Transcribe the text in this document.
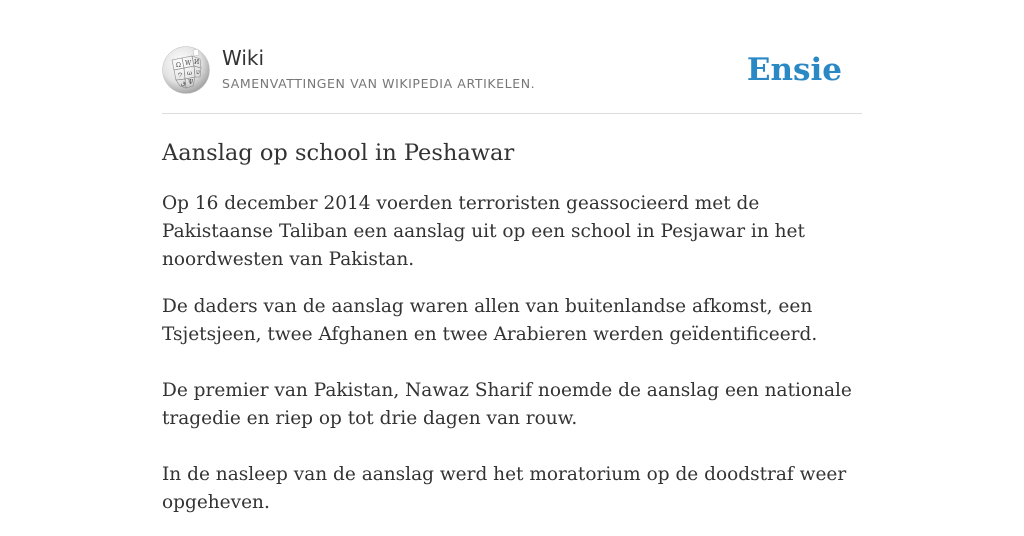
Ω W И
ウ ω ש
ق Ψ
Wiki
SAMENVATTINGEN VAN WIKIPEDIA ARTIKELEN.	Ensie
Aanslag op school in Peshawar

Op 16 december 2014 voerden terroristen geassocieerd met de Pakistaanse Taliban een aanslag uit op een school in Pesjawar in het noordwesten van Pakistan.

De daders van de aanslag waren allen van buitenlandse afkomst, een Tsjetsjeen, twee Afghanen en twee Arabieren werden geïdentificeerd.

De premier van Pakistan, Nawaz Sharif noemde de aanslag een nationale tragedie en riep op tot drie dagen van rouw.

In de nasleep van de aanslag werd het moratorium op de doodstraf weer opgeheven.
